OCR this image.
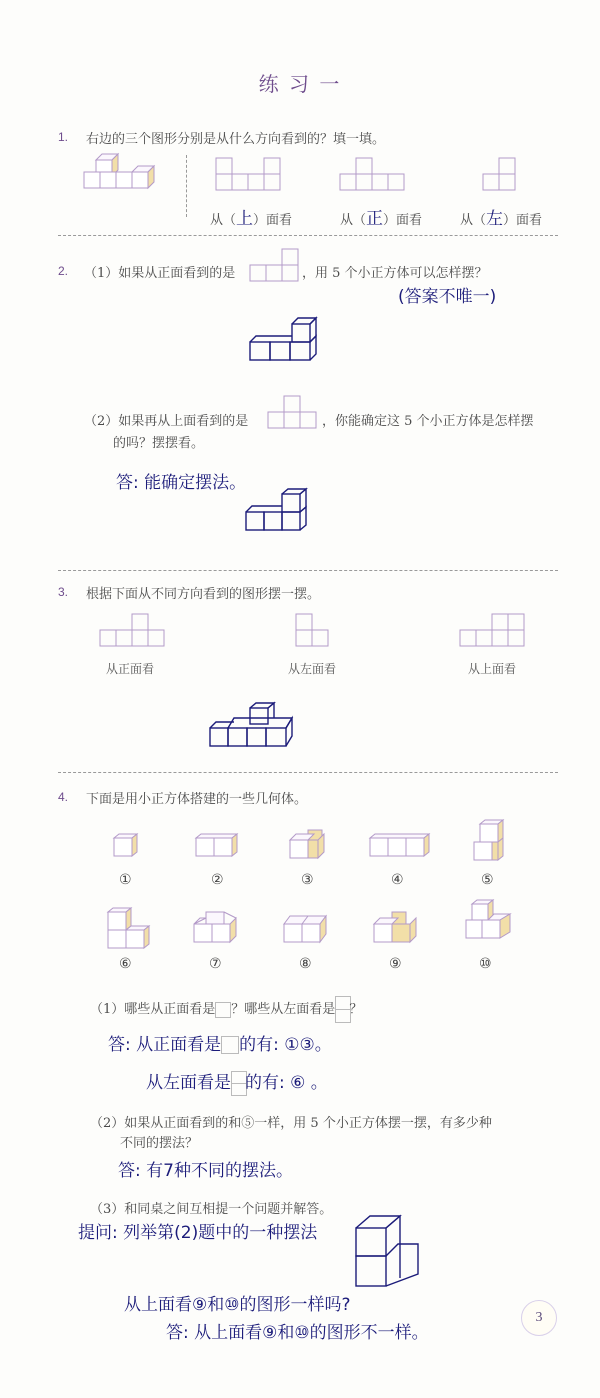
练 习 一
1. 右边的三个图形分别是从什么方向看到的？填一填。
从（上）面看	从（正）面看	从（左）面看
2. （1）如果从正面看到的是	，用 5 个小正方体可以怎样摆？
(答案不唯一)
（2）如果再从上面看到的是	，你能确定这 5 个小正方体是怎样摆
的吗？摆摆看。
答: 能确定摆法。
3. 根据下面从不同方向看到的图形摆一摆。
从正面看	从左面看	从上面看
4. 下面是用小正方体搭建的一些几何体。
①	②	③	④	⑤
⑥	⑦	⑧	⑨	⑩
（1）哪些从正面看是 ？哪些从左面看是 ？
答: 从正面看是 的有: ①③。
从左面看是 的有: ⑥ 。
（2）如果从正面看到的和⑤一样，用 5 个小正方体摆一摆，有多少种
不同的摆法？
答: 有7种不同的摆法。
（3）和同桌之间互相提一个问题并解答。
提问: 列举第(2)题中的一种摆法
从上面看⑨和⑩的图形一样吗?
答: 从上面看⑨和⑩的图形不一样。
3
